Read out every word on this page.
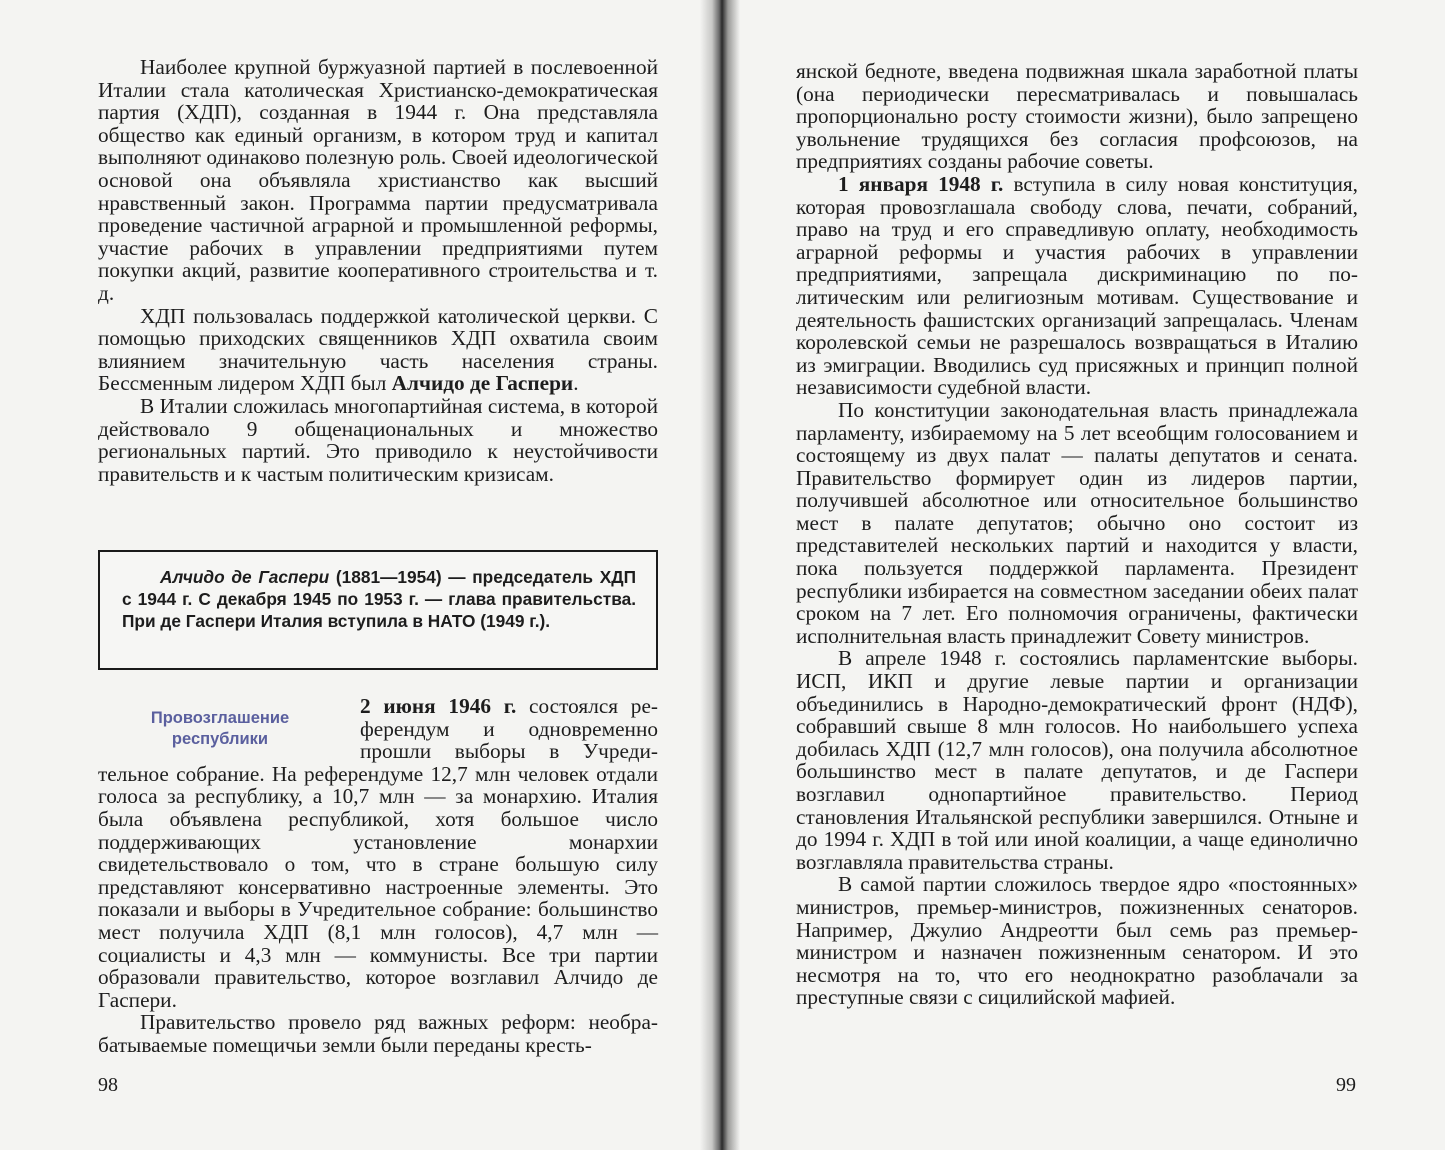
Наиболее крупной буржуазной партией в послевоенной Италии стала католическая Христианско-демократическая партия (ХДП), созданная в 1944 г. Она представляла общество как единый организм, в котором труд и капитал выполняют одинаково полезную роль. Своей идеологической основой она объявляла христианство как высший нравственный закон. Программа партии предусматривала проведение частичной аграрной и промышленной реформы, участие рабочих в управлении предприятиями путем покупки акций, развитие кооперативного строительства и т. д.

ХДП пользовалась поддержкой католической церкви. С помощью приходских священников ХДП охватила своим влиянием значительную часть населения страны. Бессменным лидером ХДП был Алчидо де Гаспери.

В Италии сложилась многопартийная система, в которой действовало 9 общенациональных и множество региональных партий. Это приводило к неустойчивости правительств и к частым политическим кризисам.

Алчидо де Гаспери (1881—1954) — председатель ХДП с 1944 г. С декабря 1945 по 1953 г. — глава правительства. При де Гаспери Италия вступила в НАТО (1949 г.).
Провозглашение республики

2 июня 1946 г. состоялся референдум и одновременно прошли выборы в Учредительное собрание. На референдуме 12,7 млн человек отдали голоса за республику, а 10,7 млн — за монархию. Италия была объявлена республикой, хотя большое число поддерживающих установление монархии свидетельствовало о том, что в стране большую силу представляют консервативно настроенные элементы. Это показали и выборы в Учредительное собрание: большинство мест получила ХДП (8,1 млн голосов), 4,7 млн — социалисты и 4,3 млн — коммунисты. Все три партии образовали правительство, которое возглавил Алчидо де Гаспери.

Правительство провело ряд важных реформ: необрабатываемые помещичьи земли были переданы кресть-

98

янской бедноте, введена подвижная шкала заработной платы (она периодически пересматривалась и повышалась пропорционально росту стоимости жизни), было запрещено увольнение трудящихся без согласия профсоюзов, на предприятиях созданы рабочие советы.

1 января 1948 г. вступила в силу новая конституция, которая провозглашала свободу слова, печати, собраний, право на труд и его справедливую оплату, необходимость аграрной реформы и участия рабочих в управлении предприятиями, запрещала дискриминацию по политическим или религиозным мотивам. Существование и деятельность фашистских организаций запрещалась. Членам королевской семьи не разрешалось возвращаться в Италию из эмиграции. Вводились суд присяжных и принцип полной независимости судебной власти.

По конституции законодательная власть принадлежала парламенту, избираемому на 5 лет всеобщим голосованием и состоящему из двух палат — палаты депутатов и сената. Правительство формирует один из лидеров партии, получившей абсолютное или относительное большинство мест в палате депутатов; обычно оно состоит из представителей нескольких партий и находится у власти, пока пользуется поддержкой парламента. Президент республики избирается на совместном заседании обеих палат сроком на 7 лет. Его полномочия ограничены, фактически исполнительная власть принадлежит Совету министров.

В апреле 1948 г. состоялись парламентские выборы. ИСП, ИКП и другие левые партии и организации объединились в Народно-демократический фронт (НДФ), собравший свыше 8 млн голосов. Но наибольшего успеха добилась ХДП (12,7 млн голосов), она получила абсолютное большинство мест в палате депутатов, и де Гаспери возглавил однопартийное правительство. Период становления Итальянской республики завершился. Отныне и до 1994 г. ХДП в той или иной коалиции, а чаще единолично возглавляла правительства страны.

В самой партии сложилось твердое ядро «постоянных» министров, премьер-министров, пожизненных сенаторов. Например, Джулио Андреотти был семь раз премьер-министром и назначен пожизненным сенатором. И это несмотря на то, что его неоднократно разоблачали за преступные связи с сицилийской мафией.

99
